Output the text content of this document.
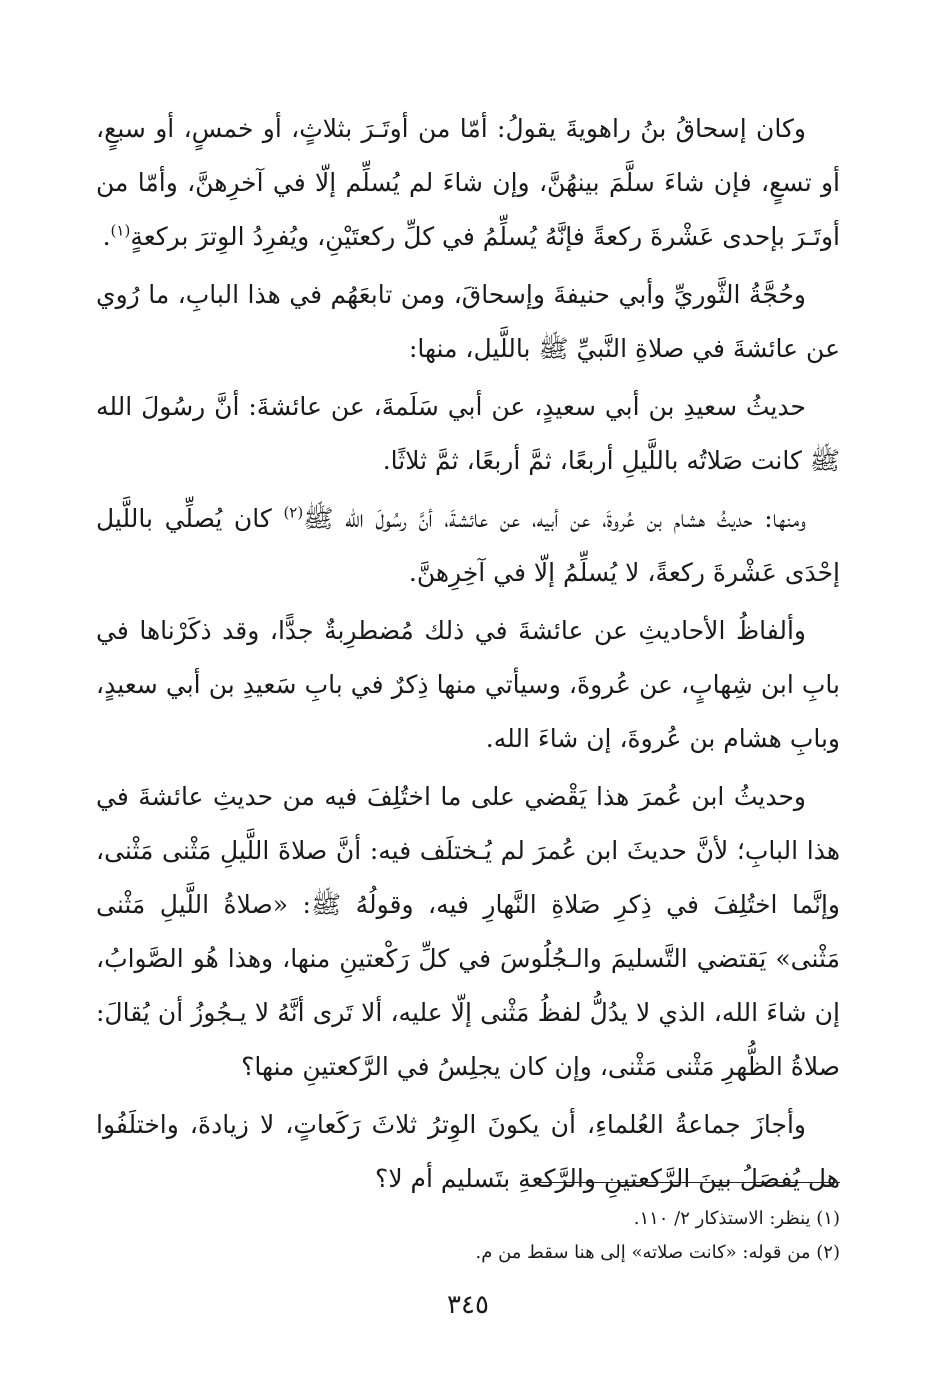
وكان إسحاقُ بنُ راهويةَ يقولُ: أمّا من أوتَـرَ بثلاثٍ، أو خمسٍ، أو سبعٍ، أو تسعٍ، فإن شاءَ سلَّمَ بينهُنَّ، وإن شاءَ لم يُسلِّم إلّا في آخرِهنَّ، وأمّا من أوتَـرَ بإحدى عَشْرةَ ركعةً فإنَّهُ يُسلِّمُ في كلِّ ركعتَيْنِ، ويُفرِدُ الوِترَ بركعةٍ$^{(١)}$.

وحُجَّةُ الثَّوريِّ وأبي حنيفةَ وإسحاقَ، ومن تابعَهُم في هذا البابِ، ما رُوي عن عائشةَ في صلاةِ النَّبيِّ ﷺ باللَّيل، منها:

حديثُ سعيدِ بن أبي سعيدٍ، عن أبي سَلَمةَ، عن عائشةَ: أنَّ رسُولَ الله ﷺ كانت صَلاتُه باللَّيلِ أربعًا، ثمَّ أربعًا، ثمَّ ثلاثًا.

ومنها: حديثُ هشام بن عُروةَ، عن أبيه، عن عائشةَ، أنَّ رسُولَ الله ﷺ$^{(٢)}$ كان يُصلِّي باللَّيل إحْدَى عَشْرةَ ركعةً، لا يُسلِّمُ إلّا في آخِرِهنَّ.

وألفاظُ الأحاديثِ عن عائشةَ في ذلك مُضطرِبةٌ جدًّا، وقد ذكَرْناها في بابِ ابن شِهابٍ، عن عُروةَ، وسيأتي منها ذِكرٌ في بابِ سَعيدِ بن أبي سعيدٍ، وبابِ هشام بن عُروةَ، إن شاءَ الله.

وحديثُ ابن عُمرَ هذا يَقْضي على ما اختُلِفَ فيه من حديثِ عائشةَ في هذا البابِ؛ لأنَّ حديثَ ابن عُمرَ لم يُـختلَف فيه: أنَّ صلاةَ اللَّيلِ مَثْنى مَثْنى، وإنَّما اختُلِفَ في ذِكرِ صَلاةِ النَّهارِ فيه، وقولُهُ ﷺ: «صلاةُ اللَّيلِ مَثْنى مَثْنى» يَقتضي التَّسليمَ والـجُلُوسَ في كلِّ رَكْعتينِ منها، وهذا هُو الصَّوابُ، إن شاءَ الله، الذي لا يدُلُّ لفظُ مَثْنى إلّا عليه، ألا تَرى أنَّهُ لا يـجُوزُ أن يُقالَ: صلاةُ الظُّهرِ مَثْنى مَثْنى، وإن كان يجلِسُ في الرَّكعتينِ منها؟

وأجازَ جماعةُ العُلماءِ، أن يكونَ الوِترُ ثلاثَ رَكَعاتٍ، لا زيادةَ، واختلَفُوا هل يُفصَلُ بينَ الرَّكعتينِ والرَّكعةِ بتَسليم أم لا؟

(١) ينظر: الاستذكار ٢/ ١١٠.

(٢) من قوله: «كانت صلاته» إلى هنا سقط من م.

٣٤٥
